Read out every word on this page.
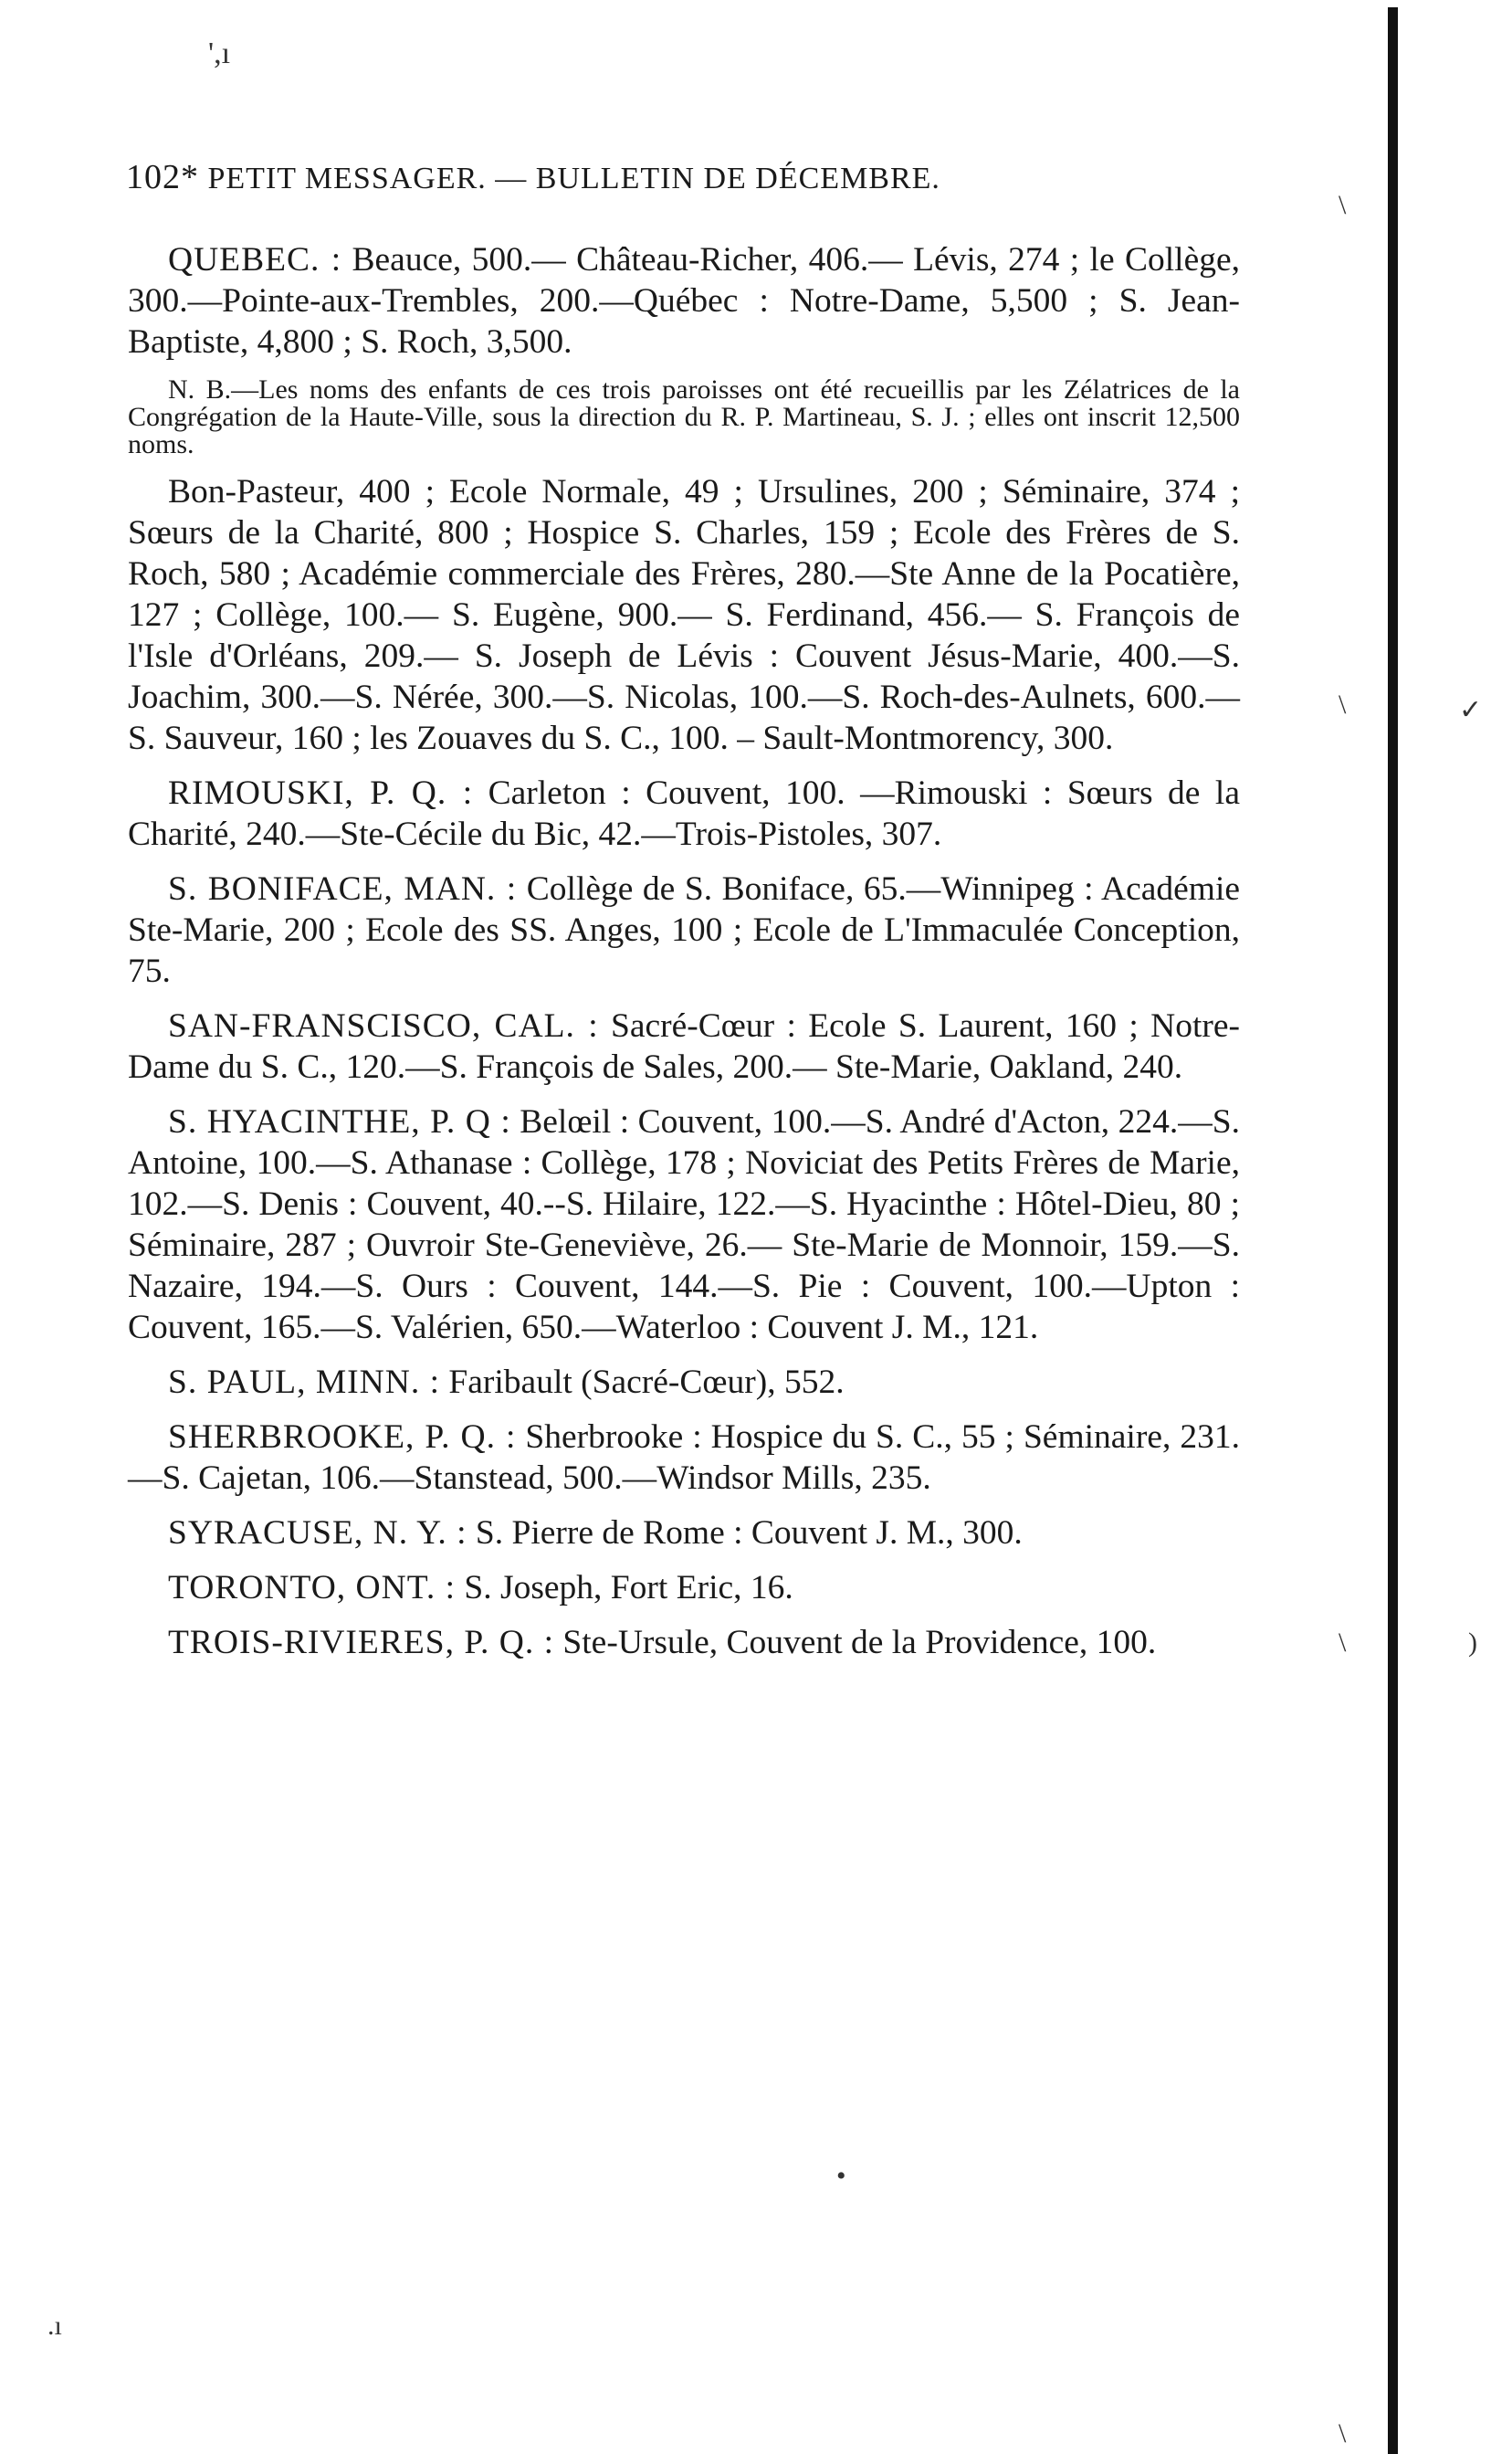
',ı
102* PETIT MESSAGER. — BULLETIN DE DÉCEMBRE.

QUEBEC. : Beauce, 500.— Château-Richer, 406.— Lévis, 274 ; le Collège, 300.—Pointe-aux-Trembles, 200.—Québec : Notre-Dame, 5,500 ; S. Jean-Baptiste, 4,800 ; S. Roch, 3,500.

N. B.—Les noms des enfants de ces trois paroisses ont été recueillis par les Zélatrices de la Congrégation de la Haute-Ville, sous la direction du R. P. Martineau, S. J. ; elles ont inscrit 12,500 noms.

Bon-Pasteur, 400 ; Ecole Normale, 49 ; Ursulines, 200 ; Séminaire, 374 ; Sœurs de la Charité, 800 ; Hospice S. Charles, 159 ; Ecole des Frères de S. Roch, 580 ; Académie commerciale des Frères, 280.—Ste Anne de la Pocatière, 127 ; Collège, 100.— S. Eugène, 900.— S. Ferdinand, 456.— S. François de l'Isle d'Orléans, 209.— S. Joseph de Lévis : Couvent Jésus-Marie, 400.—S. Joachim, 300.—S. Nérée, 300.—S. Nicolas, 100.—S. Roch-des-Aulnets, 600.—S. Sauveur, 160 ; les Zouaves du S. C., 100. – Sault-Montmorency, 300.

RIMOUSKI, P. Q. : Carleton : Couvent, 100. —Rimouski : Sœurs de la Charité, 240.—Ste-Cécile du Bic, 42.—Trois-Pistoles, 307.

S. BONIFACE, MAN. : Collège de S. Boniface, 65.—Winnipeg : Académie Ste-Marie, 200 ; Ecole des SS. Anges, 100 ; Ecole de L'Immaculée Conception, 75.

SAN-FRANSCISCO, CAL. : Sacré-Cœur : Ecole S. Laurent, 160 ; Notre-Dame du S. C., 120.—S. François de Sales, 200.— Ste-Marie, Oakland, 240.

S. HYACINTHE, P. Q : Belœil : Couvent, 100.—S. André d'Acton, 224.—S. Antoine, 100.—S. Athanase : Collège, 178 ; Noviciat des Petits Frères de Marie, 102.—S. Denis : Couvent, 40.--S. Hilaire, 122.—S. Hyacinthe : Hôtel-Dieu, 80 ; Séminaire, 287 ; Ouvroir Ste-Geneviève, 26.— Ste-Marie de Monnoir, 159.—S. Nazaire, 194.—S. Ours : Couvent, 144.—S. Pie : Couvent, 100.—Upton : Couvent, 165.—S. Valérien, 650.—Waterloo : Couvent J. M., 121.

S. PAUL, MINN. : Faribault (Sacré-Cœur), 552.

SHERBROOKE, P. Q. : Sherbrooke : Hospice du S. C., 55 ; Séminaire, 231.—S. Cajetan, 106.—Stanstead, 500.—Windsor Mills, 235.

SYRACUSE, N. Y. : S. Pierre de Rome : Couvent J. M., 300.

TORONTO, ONT. : S. Joseph, Fort Eric, 16.

TROIS-RIVIERES, P. Q. : Ste-Ursule, Couvent de la Providence, 100.

\
\	✓
\	)
\
•
.ı
